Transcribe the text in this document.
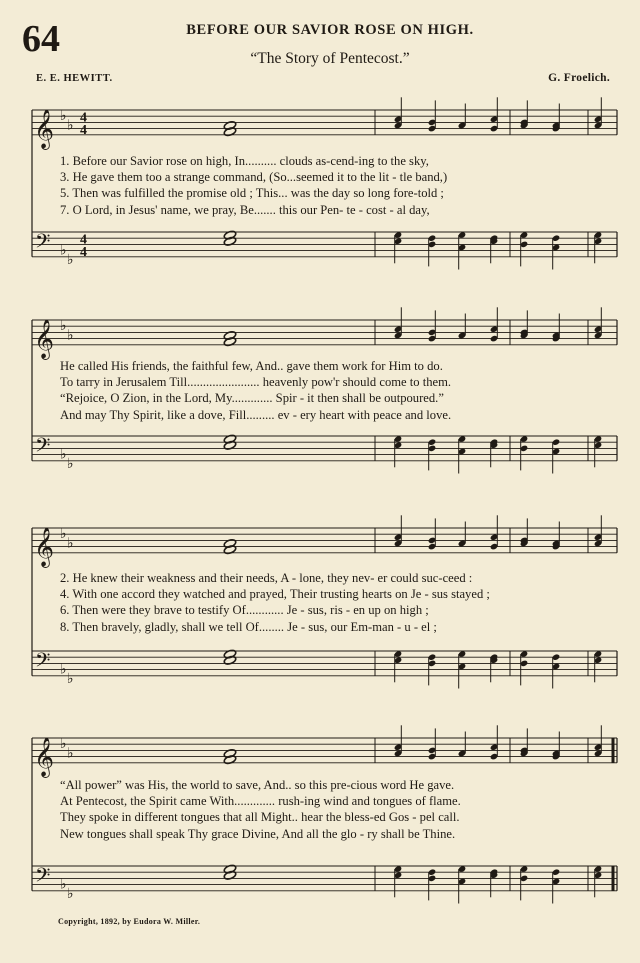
64	BEFORE OUR SAVIOR ROSE ON HIGH.
“The Story of Pentecost.”
E. E. HEWITT.	G. Froelich.
𝄞 ♭
♭
𝄢 ♭
♭
4
4
4
4
𝄞 ♭
♭
𝄢 ♭
♭
𝄞 ♭
♭
𝄢 ♭
♭
𝄞 ♭
♭
𝄢 ♭
♭
1. Before our Savior rose on high, In.......... clouds as-cend-ing to the sky,
3. He gave them too a strange command, (So...seemed it to the lit - tle band,)
5. Then was fulfilled the promise old ; This... was the day so long fore-told ;
7. O Lord, in Jesus' name, we pray, Be....... this our Pen- te - cost - al day,
He called His friends, the faithful few, And.. gave them work for Him to do.
To tarry in Jerusalem Till....................... heavenly pow'r should come to them.
“Rejoice, O Zion, in the Lord, My............. Spir - it then shall be outpoured.”
And may Thy Spirit, like a dove, Fill......... ev - ery heart with peace and love.
2. He knew their weakness and their needs, A - lone, they nev- er could suc-ceed :
4. With one accord they watched and prayed, Their trusting hearts on Je - sus stayed ;
6. Then were they brave to testify Of............ Je - sus, ris - en up on high ;
8. Then bravely, gladly, shall we tell Of........ Je - sus, our Em-man - u - el ;
“All power” was His, the world to save, And.. so this pre-cious word He gave.
At Pentecost, the Spirit came With............. rush-ing wind and tongues of flame.
They spoke in different tongues that all Might.. hear the bless-ed Gos - pel call.
New tongues shall speak Thy grace Divine, And all the glo - ry shall be Thine.
Copyright, 1892, by Eudora W. Miller.
